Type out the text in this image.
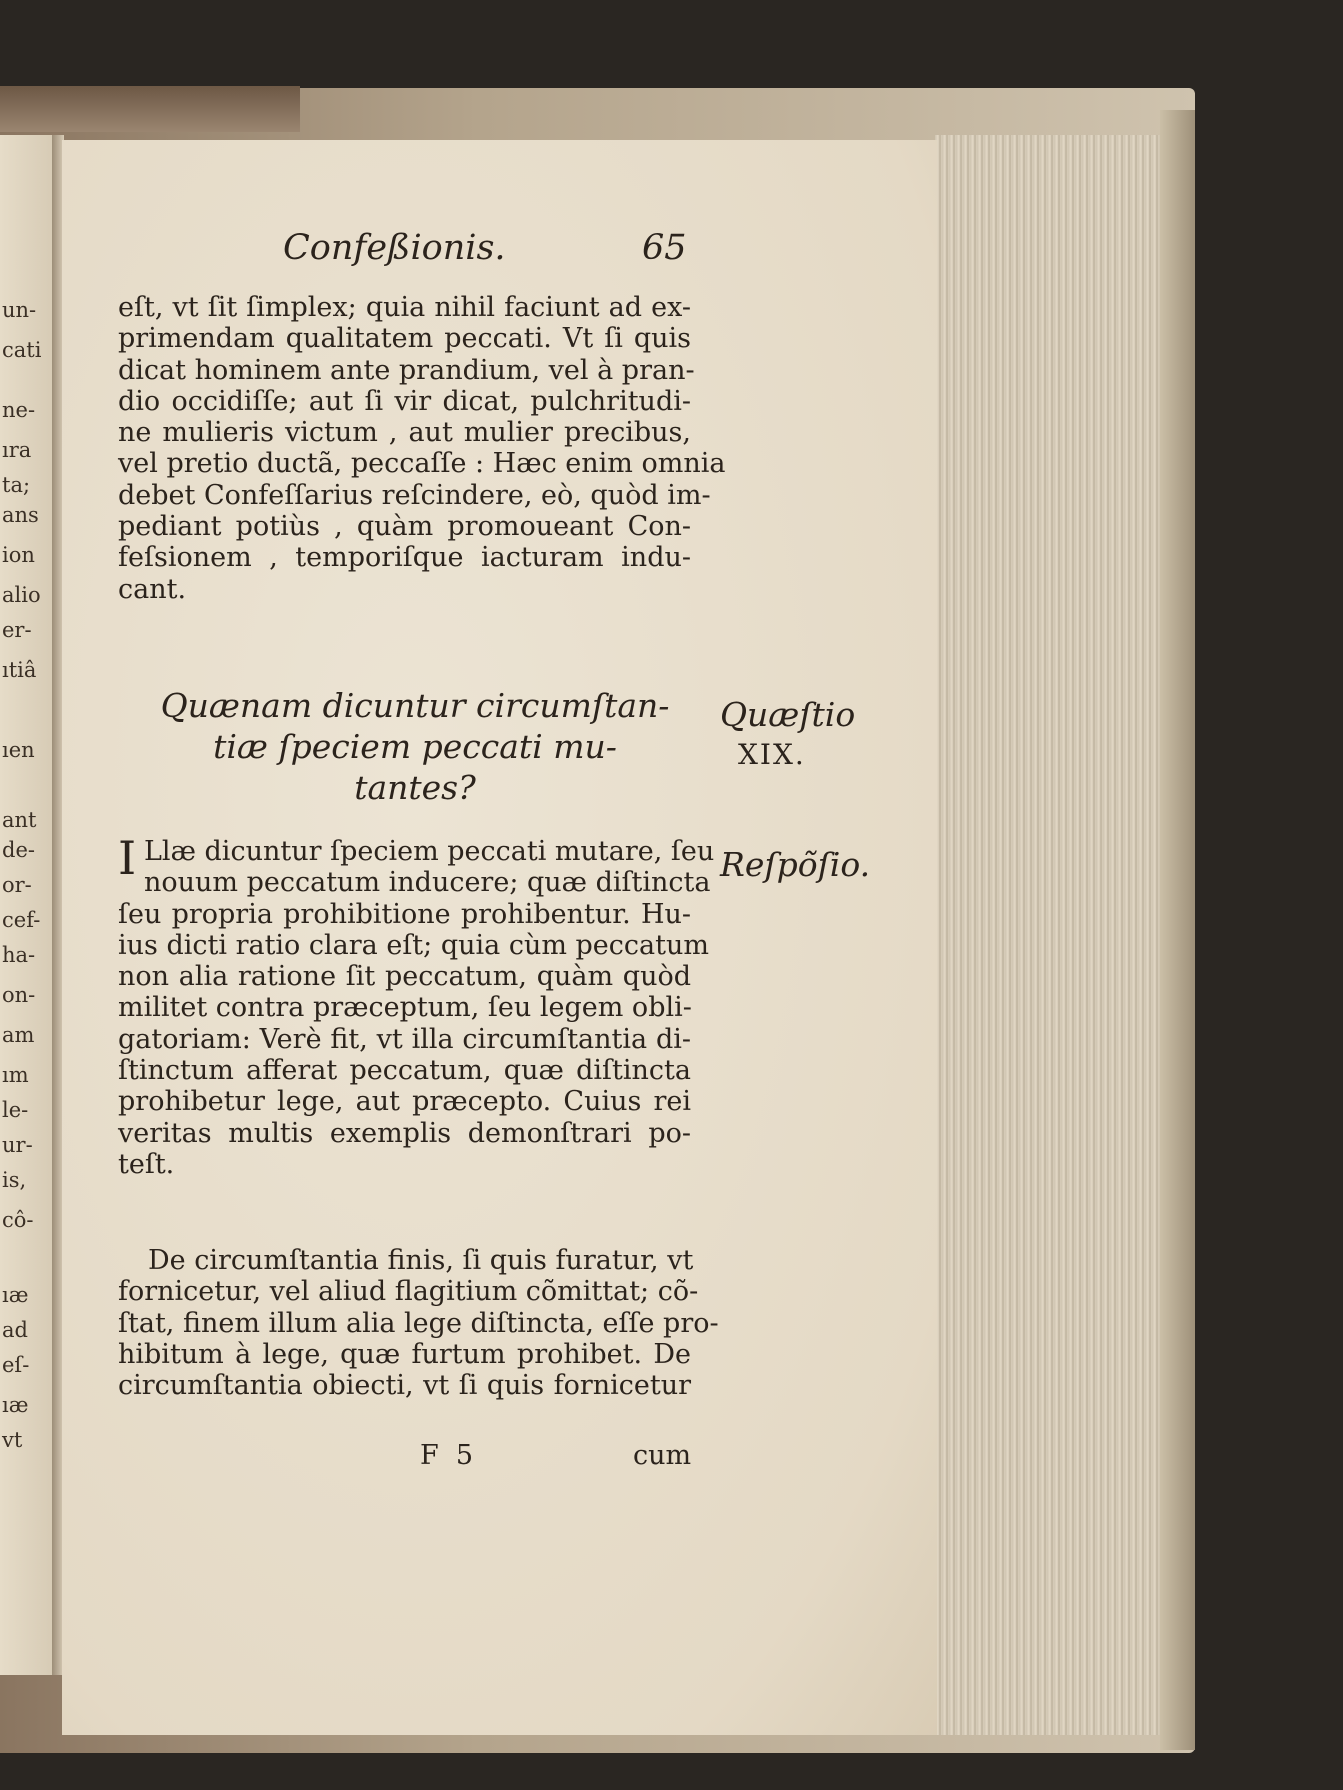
un-
cati
ne-
ıra
ta;
ans
ion
alio
er-
ıtiâ
ıen
ant
de-
or-
cef-
ha-
on-
am
ım
le-
ur-
is,
cô-
ıæ
ad
eſ-
ıæ
vt
Confeßionis.	65
eſt, vt ſit ſimplex; quia nihil faciunt ad ex-
primendam qualitatem peccati. Vt ſi quis
dicat hominem ante prandium, vel à pran-
dio occidiſſe; aut ſi vir dicat, pulchritudi-
ne mulieris victum , aut mulier precibus,
vel pretio ductã, peccaſſe : Hæc enim omnia
debet Confeſſarius reſcindere, eò, quòd im-
pediant potiùs , quàm promoueant Con-
feſsionem , temporiſque iacturam indu-
cant.
Quænam dicuntur circumſtan-
tiæ ſpeciem peccati mu-
tantes?
Quæſtio
XIX.
Reſpõſio.
I Llæ dicuntur ſpeciem peccati mutare, ſeu
nouum peccatum inducere; quæ diſtincta
ſeu propria prohibitione prohibentur. Hu-
ius dicti ratio clara eſt; quia cùm peccatum
non alia ratione ſit peccatum, quàm quòd
militet contra præceptum, ſeu legem obli-
gatoriam: Verè fit, vt illa circumſtantia di-
ſtinctum afferat peccatum, quæ diſtincta
prohibetur lege, aut præcepto. Cuius rei
veritas multis exemplis demonſtrari po-
teſt.
De circumſtantia finis, ſi quis furatur, vt
fornicetur, vel aliud flagitium cõmittat; cõ-
ſtat, finem illum alia lege diſtincta, eſſe pro-
hibitum à lege, quæ furtum prohibet. De
circumſtantia obiecti, vt ſi quis fornicetur
F  5	cum
